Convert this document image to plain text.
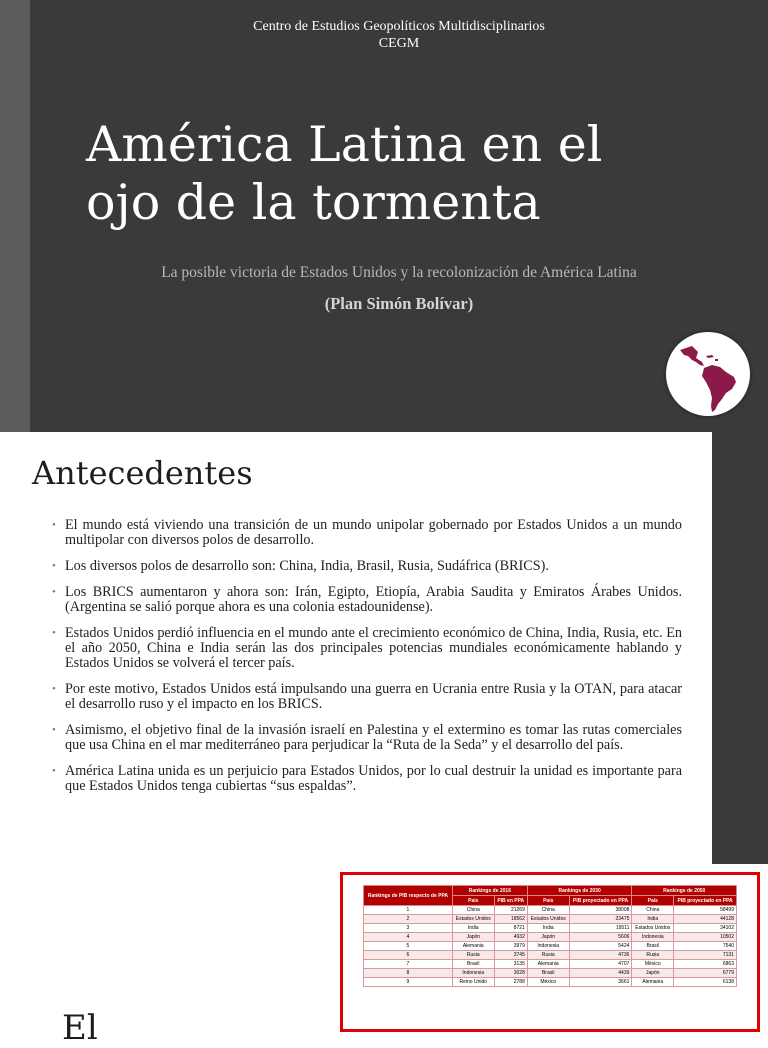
Centro de Estudios Geopolíticos Multidisciplinarios
CEGM
América Latina en el
ojo de la tormenta
La posible victoria de Estados Unidos y la recolonización de América Latina
(Plan Simón Bolívar)
Antecedentes
• El mundo está viviendo una transición de un mundo unipolar gobernado por Estados Unidos a un mundo multipolar con diversos polos de desarrollo.
• Los diversos polos de desarrollo son: China, India, Brasil, Rusia, Sudáfrica (BRICS).
• Los BRICS aumentaron y ahora son: Irán, Egipto, Etiopía, Arabia Saudita y Emiratos Árabes Unidos. (Argentina se salió porque ahora es una colonia estadounidense).
• Estados Unidos perdió influencia en el mundo ante el crecimiento económico de China, India, Rusia, etc. En el año 2050, China e India serán las dos principales potencias mundiales económicamente hablando y Estados Unidos se volverá el tercer país.
• Por este motivo, Estados Unidos está impulsando una guerra en Ucrania entre Rusia y la OTAN, para atacar el desarrollo ruso y el impacto en los BRICS.
• Asimismo, el objetivo final de la invasión israelí en Palestina y el extermino es tomar las rutas comerciales que usa China en el mar mediterráneo para perjudicar la “Ruta de la Seda” y el desarrollo del país.
• América Latina unida es un perjuicio para Estados Unidos, por lo cual destruir la unidad es importante para que Estados Unidos tenga cubiertas “sus espaldas”.
Rankings de PIB respecto de PPA	Rankings de 2016		Rankings de 2030		Rankings de 2050	
	País	PIB en PPA	País	PIB proyectado en PPA	País	PIB proyectado en PPA
1	China	21269	China	38008	China	58499
2	Estados Unidos	18562	Estados Unidos	23475	India	44128
3	India	8721	India	19511	Estados Unidos	34102
4	Japón	4932	Japón	5606	Indonesia	10502
5	Alemania	3979	Indonesia	5424	Brasil	7540
6	Rusia	3745	Rusia	4736	Rusia	7131
7	Brasil	3135	Alemania	4707	México	6863
8	Indonesia	3028	Brasil	4439	Japón	6779
9	Reino Unido	2788	México	3661	Alemania	6138
El
